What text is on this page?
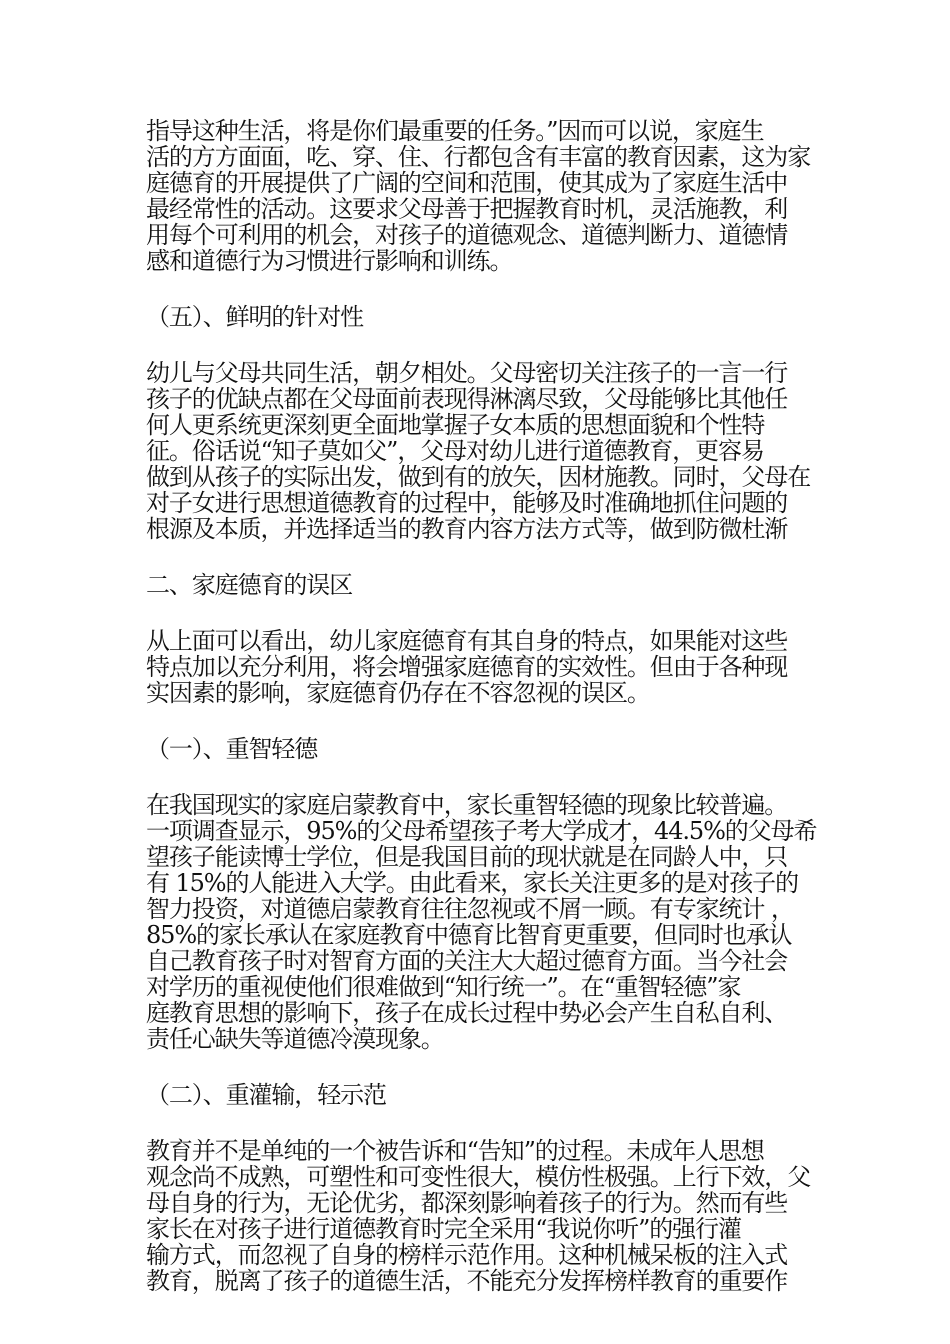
指导这种生活，将是你们最重要的任务。”因而可以说，家庭生
活的方方面面，吃、穿、住、行都包含有丰富的教育因素，这为家
庭德育的开展提供了广阔的空间和范围，使其成为了家庭生活中
最经常性的活动。这要求父母善于把握教育时机，灵活施教，利
用每个可利用的机会，对孩子的道德观念、道德判断力、道德情
感和道德行为习惯进行影响和训练。
（五）、鲜明的针对性
幼儿与父母共同生活，朝夕相处。父母密切关注孩子的一言一行
孩子的优缺点都在父母面前表现得淋漓尽致，父母能够比其他任
何人更系统更深刻更全面地掌握子女本质的思想面貌和个性特
征。俗话说“知子莫如父”，父母对幼儿进行道德教育，更容易
做到从孩子的实际出发，做到有的放矢，因材施教。同时，父母在
对子女进行思想道德教育的过程中，能够及时准确地抓住问题的
根源及本质，并选择适当的教育内容方法方式等，做到防微杜渐
二、家庭德育的误区
从上面可以看出，幼儿家庭德育有其自身的特点，如果能对这些
特点加以充分利用，将会增强家庭德育的实效性。但由于各种现
实因素的影响，家庭德育仍存在不容忽视的误区。
（一）、重智轻德
在我国现实的家庭启蒙教育中，家长重智轻德的现象比较普遍。
一项调查显示，95%的父母希望孩子考大学成才，44.5%的父母希
望孩子能读博士学位，但是我国目前的现状就是在同龄人中，只
有 15%的人能进入大学。由此看来，家长关注更多的是对孩子的
智力投资，对道德启蒙教育往往忽视或不屑一顾。有专家统计 ，
85%的家长承认在家庭教育中德育比智育更重要，但同时也承认
自己教育孩子时对智育方面的关注大大超过德育方面。当今社会
对学历的重视使他们很难做到“知行统一”。在“重智轻德”家
庭教育思想的影响下，孩子在成长过程中势必会产生自私自利、
责任心缺失等道德冷漠现象。
（二）、重灌输，轻示范
教育并不是单纯的一个被告诉和“告知”的过程。未成年人思想
观念尚不成熟，可塑性和可变性很大，模仿性极强。上行下效，父
母自身的行为，无论优劣，都深刻影响着孩子的行为。然而有些
家长在对孩子进行道德教育时完全采用“我说你听”的强行灌
输方式，而忽视了自身的榜样示范作用。这种机械呆板的注入式
教育，脱离了孩子的道德生活，不能充分发挥榜样教育的重要作
